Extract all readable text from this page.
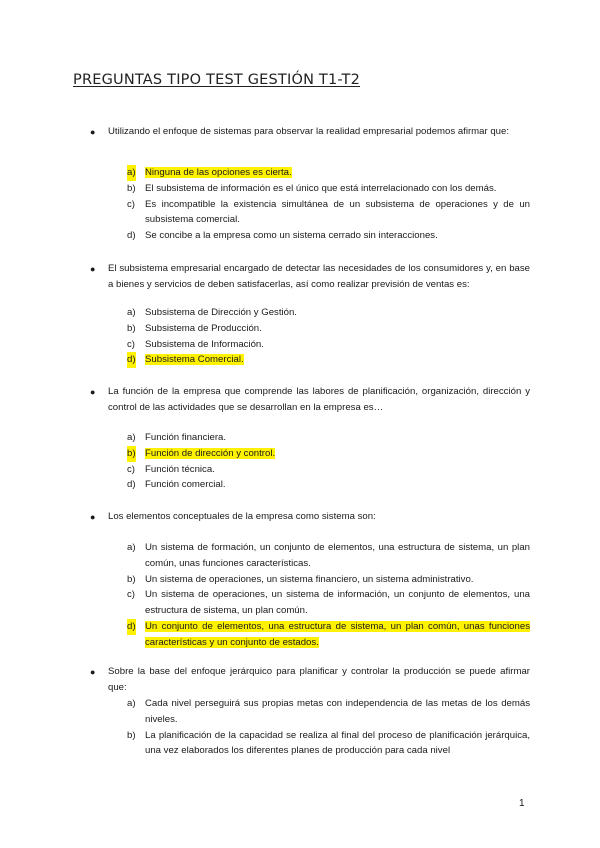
PREGUNTAS TIPO TEST GESTIÓN T1-T2
● Utilizando el enfoque de sistemas para observar la realidad empresarial podemos afirmar que:
a) Ninguna de las opciones es cierta.
b) El subsistema de información es el único que está interrelacionado con los demás.
c) Es incompatible la existencia simultánea de un subsistema de operaciones y de un subsistema comercial.
d) Se concibe a la empresa como un sistema cerrado sin interacciones.
● El subsistema empresarial encargado de detectar las necesidades de los consumidores y, en base a bienes y servicios de deben satisfacerlas, así como realizar previsión de ventas es:
a) Subsistema de Dirección y Gestión.
b) Subsistema de Producción.
c) Subsistema de Información.
d) Subsistema Comercial.
● La función de la empresa que comprende las labores de planificación, organización, dirección y control de las actividades que se desarrollan en la empresa es…
a) Función financiera.
b) Función de dirección y control.
c) Función técnica.
d) Función comercial.
● Los elementos conceptuales de la empresa como sistema son:
a) Un sistema de formación, un conjunto de elementos, una estructura de sistema, un plan común, unas funciones características.
b) Un sistema de operaciones, un sistema financiero, un sistema administrativo.
c) Un sistema de operaciones, un sistema de información, un conjunto de elementos, una estructura de sistema, un plan común.
d) Un conjunto de elementos, una estructura de sistema, un plan común, unas funciones características y un conjunto de estados.
● Sobre la base del enfoque jerárquico para planificar y controlar la producción se puede afirmar que:
a) Cada nivel perseguirá sus propias metas con independencia de las metas de los demás niveles.
b) La planificación de la capacidad se realiza al final del proceso de planificación jerárquica, una vez elaborados los diferentes planes de producción para cada nivel
1
